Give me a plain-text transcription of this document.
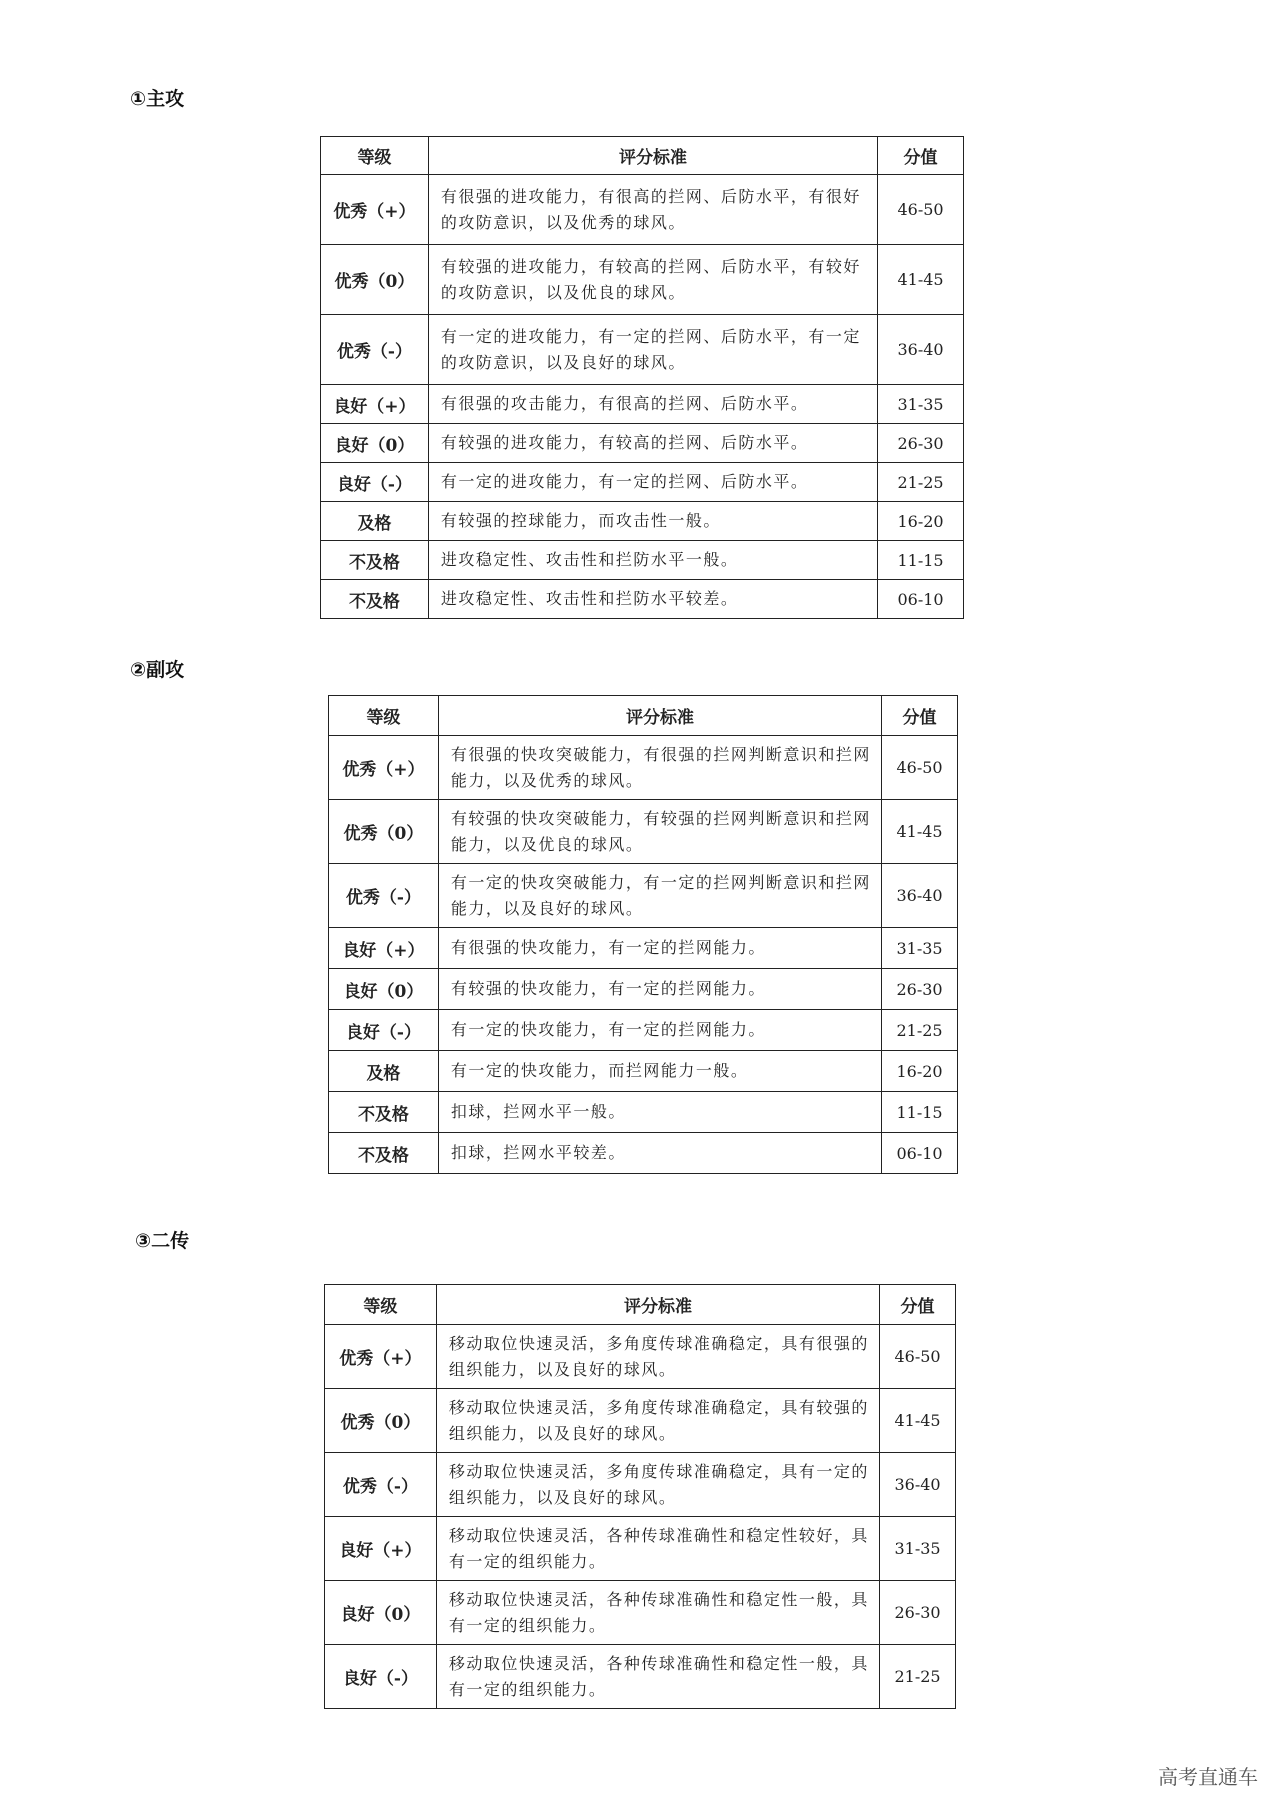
①主攻
等级	评分标准	分值
优秀（+）	有很强的进攻能力，有很高的拦网、后防水平，有很好的攻防意识，以及优秀的球风。	46-50
优秀（0）	有较强的进攻能力，有较高的拦网、后防水平，有较好的攻防意识，以及优良的球风。	41-45
优秀（-）	有一定的进攻能力，有一定的拦网、后防水平，有一定的攻防意识，以及良好的球风。	36-40
良好（+）	有很强的攻击能力，有很高的拦网、后防水平。	31-35
良好（0）	有较强的进攻能力，有较高的拦网、后防水平。	26-30
良好（-）	有一定的进攻能力，有一定的拦网、后防水平。	21-25
及格	有较强的控球能力，而攻击性一般。	16-20
不及格	进攻稳定性、攻击性和拦防水平一般。	11-15
不及格	进攻稳定性、攻击性和拦防水平较差。	06-10
②副攻
等级	评分标准	分值
优秀（+）	有很强的快攻突破能力，有很强的拦网判断意识和拦网能力，以及优秀的球风。	46-50
优秀（0）	有较强的快攻突破能力，有较强的拦网判断意识和拦网能力，以及优良的球风。	41-45
优秀（-）	有一定的快攻突破能力，有一定的拦网判断意识和拦网能力，以及良好的球风。	36-40
良好（+）	有很强的快攻能力，有一定的拦网能力。	31-35
良好（0）	有较强的快攻能力，有一定的拦网能力。	26-30
良好（-）	有一定的快攻能力，有一定的拦网能力。	21-25
及格	有一定的快攻能力，而拦网能力一般。	16-20
不及格	扣球，拦网水平一般。	11-15
不及格	扣球，拦网水平较差。	06-10
③二传
等级	评分标准	分值
优秀（+）	移动取位快速灵活，多角度传球准确稳定，具有很强的组织能力，以及良好的球风。	46-50
优秀（0）	移动取位快速灵活，多角度传球准确稳定，具有较强的组织能力，以及良好的球风。	41-45
优秀（-）	移动取位快速灵活，多角度传球准确稳定，具有一定的组织能力，以及良好的球风。	36-40
良好（+）	移动取位快速灵活，各种传球准确性和稳定性较好，具有一定的组织能力。	31-35
良好（0）	移动取位快速灵活，各种传球准确性和稳定性一般，具有一定的组织能力。	26-30
良好（-）	移动取位快速灵活，各种传球准确性和稳定性一般，具有一定的组织能力。	21-25
高考直通车
